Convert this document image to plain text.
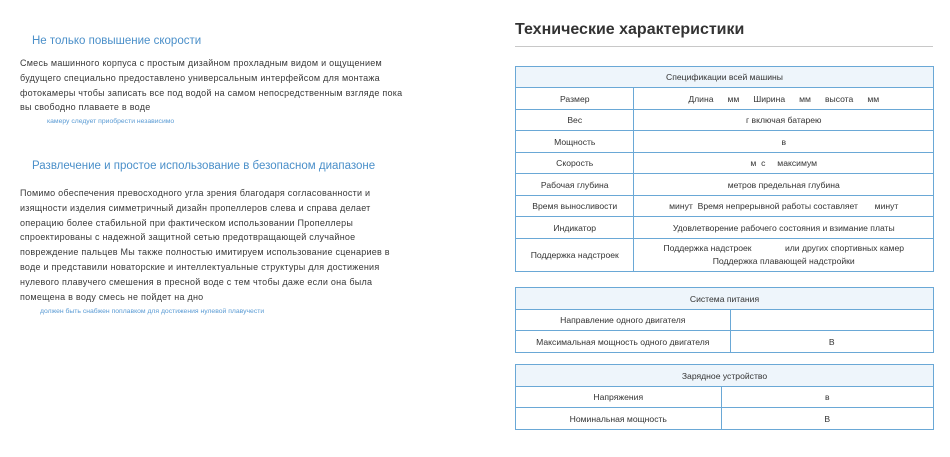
Не только повышение скорости
Смесь машинного корпуса с простым дизайном прохладным видом и ощущением
будущего специально предоставлено универсальным интерфейсом для монтажа
фотокамеры чтобы записать все под водой на самом непосредственным взгляде пока
вы свободно плаваете в воде
камеру следует приобрести независимо
Развлечение и простое использование в безопасном диапазоне
Помимо обеспечения превосходного угла зрения благодаря согласованности и
изящности изделия симметричный дизайн пропеллеров слева и справа делает
операцию более стабильной при фактическом использовании Пропеллеры
спроектированы с надежной защитной сетью предотвращающей случайное
повреждение пальцев Мы также полностью имитируем использование сценариев в
воде и представили новаторские и интеллектуальные структуры для достижения
нулевого плавучего смешения в пресной воде с тем чтобы даже если она была
помещена в воду смесь не пойдет на дно
должен быть снабжен поплавком для достижения нулевой плавучести
Технические характеристики
Спецификации всей машины	
Размер	Длина мм Ширина мм высота мм
Вес	г включая батарею
Мощность	в
Скорость	м  с     максимум
Рабочая глубина	метров предельная глубина
Время выносливости	минут  Время непрерывной работы составляет       минут
Индикатор	Удовлетворение рабочего состояния и взимание платы
Поддержка надстроек	Поддержка надстроек              или других спортивных камер
Поддержка плавающей надстройки
Система питания	
Направление одного двигателя	
Максимальная мощность одного двигателя	В
Зарядное устройство	
Напряжения	в
Номинальная мощность	В
